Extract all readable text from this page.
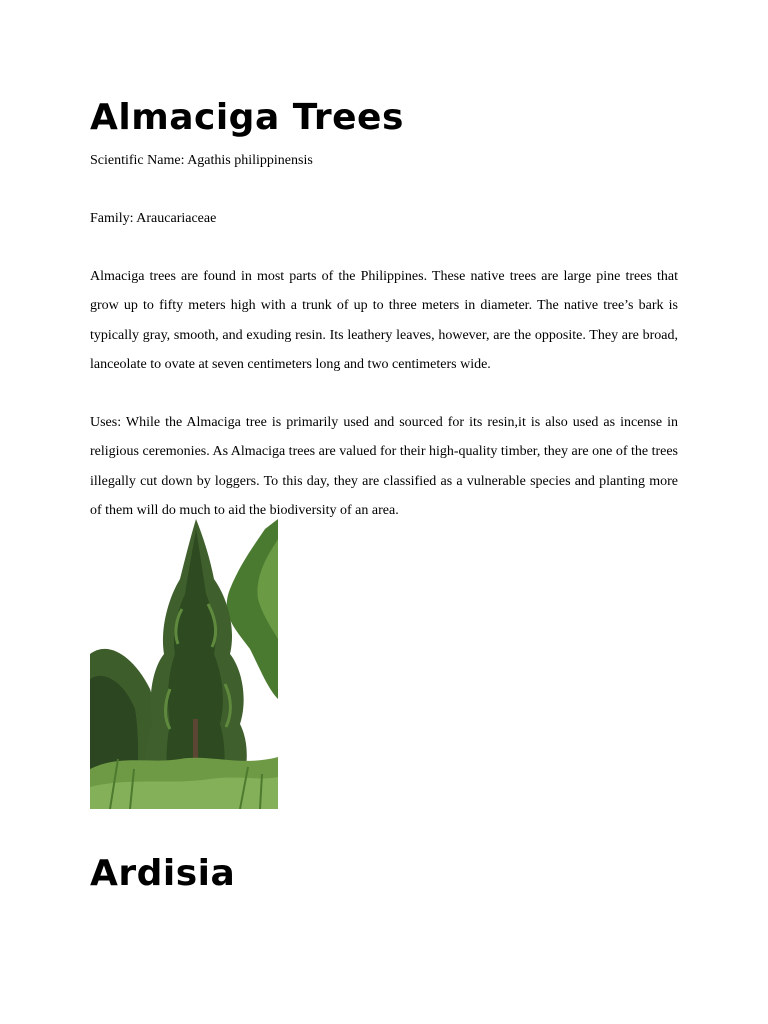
Almaciga Trees

Scientific Name: Agathis philippinensis

Family: Araucariaceae

Almaciga trees are found in most parts of the Philippines. These native trees are large pine trees that grow up to fifty meters high with a trunk of up to three meters in diameter. The native tree’s bark is typically gray, smooth, and exuding resin. Its leathery leaves, however, are the opposite. They are broad, lanceolate to ovate at seven centimeters long and two centimeters wide.

Uses: While the Almaciga tree is primarily used and sourced for its resin,it is also used as incense in religious ceremonies. As Almaciga trees are valued for their high-quality timber, they are one of the trees illegally cut down by loggers. To this day, they are classified as a vulnerable species and planting more of them will do much to aid the biodiversity of an area.

Ardisia
